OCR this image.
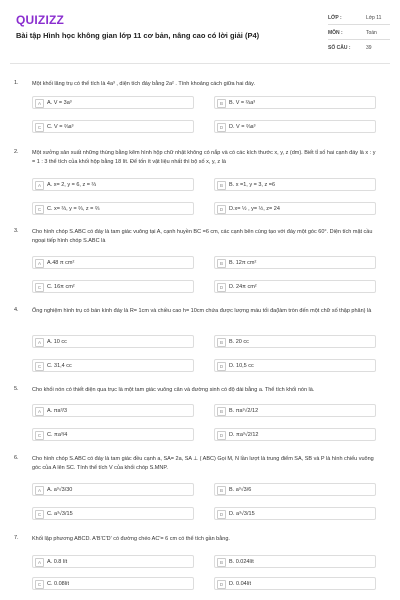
QUIZIZZ
Bài tập Hình học không gian lớp 11 cơ bản, nâng cao có lời giải (P4)
LỚP :	Lớp 11
MÔN :	Toán
SỐ CÂU :	39
1. Một khối lăng trụ có thể tích là 4a³ , diện tích đáy bằng 2a² . Tính khoảng cách giữa hai đáy.
A	A. V = 3a³	B	B. V = ⅔a³
C	C. V = ⅔a³	D	D. V = ⅔a³
2. Một xưởng sản xuất những thùng bằng kẽm hình hộp chữ nhật không có nắp và có các kích thước x, y, z (dm). Biết tỉ số hai cạnh đáy là x : y = 1 : 3 thể tích của khối hộp bằng 18 lít. Để tốn ít vật liệu nhất thì bộ số x, y, z là
A	A. x= 2, y = 6, z = ⅔	B	B. x =1, y = 3, z =6
C	C. x= ⅔, y = ⅔, z = ⅔	D	D.x= ½ , y= ½, z= 24
3. Cho hình chóp S.ABC có đáy là tam giác vuông tại A, cạnh huyền BC =6 cm, các cạnh bên cùng tạo với đáy một góc 60°. Diện tích mặt cầu ngoại tiếp hình chóp S.ABC là
A	A.48 π cm²	B	B. 12π cm²
C	C. 16π cm²	D	D. 24π cm²
4. Ống nghiệm hình trụ có bán kính đáy là R= 1cm và chiều cao h= 10cm chứa được lượng máu tối đa(làm tròn đến một chữ số thập phân) là
A	A. 10 cc	B	B. 20 cc
C	C. 31,4 cc	D	D. 10,5 cc
5. Cho khối nón có thiết diện qua trục là một tam giác vuông cân và đường sinh có độ dài bằng a. Thể tích khối nón là.
A	A. πa³/3	B	B. πa³√2/12
C	C. πa³/4	D	D. πa³√2/12
6. Cho hình chóp S.ABC có đáy là tam giác đều cạnh a, SA= 2a, SA ⊥ ( ABC) Gọi M, N lần lượt là trung điểm SA, SB và P là hình chiếu vuông góc của A lên SC. Tính thể tích V của khối chóp S.MNP.
A	A. a³√3/30	B	B. a³√3/6
C	C. a³√3/15	D	D. a³√3/15
7. Khối lập phương ABCD. A'B'C'D' có đường chéo AC'= 6 cm có thể tích gần bằng.
A	A. 0.8 lít	B	B. 0.024lít
C	C. 0.08lít	D	D. 0.04lít
